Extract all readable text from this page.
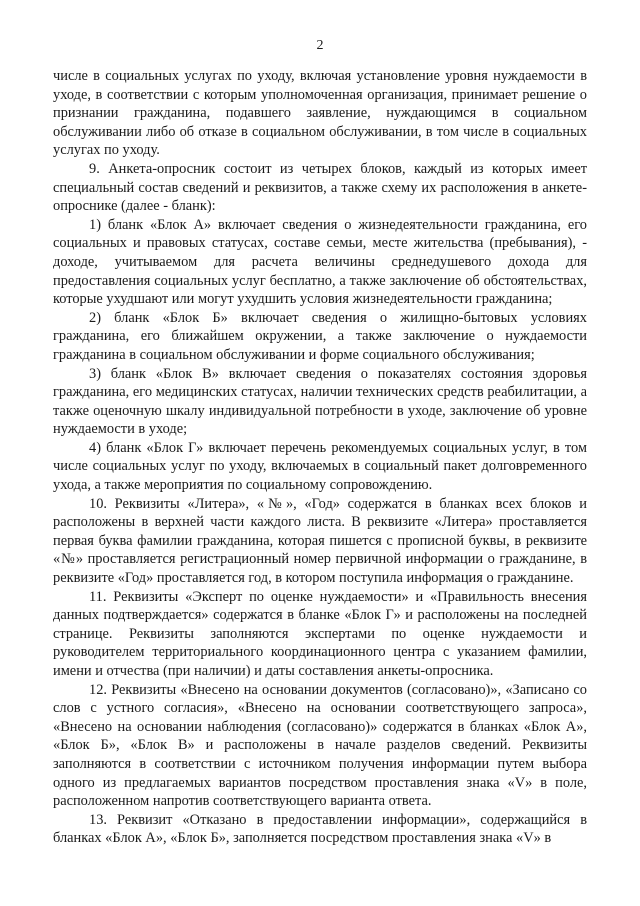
2

числе в социальных услугах по уходу, включая установление уровня нуждаемости в уходе, в соответствии с которым уполномоченная организация, принимает решение о признании гражданина, подавшего заявление, нуждающимся в социальном обслуживании либо об отказе в социальном обслуживании, в том числе в социальных услугах по уходу.

9. Анкета-опросник состоит из четырех блоков, каждый из которых имеет специальный состав сведений и реквизитов, а также схему их расположения в анкете-опроснике (далее - бланк):

1) бланк «Блок А» включает сведения о жизнедеятельности гражданина, его социальных и правовых статусах, составе семьи, месте жительства (пребывания), - доходе, учитываемом для расчета величины среднедушевого дохода для предоставления социальных услуг бесплатно, а также заключение об обстоятельствах, которые ухудшают или могут ухудшить условия жизнедеятельности гражданина;

2) бланк «Блок Б» включает сведения о жилищно-бытовых условиях гражданина, его ближайшем окружении, а также заключение о нуждаемости гражданина в социальном обслуживании и форме социального обслуживания;

3) бланк «Блок В» включает сведения о показателях состояния здоровья гражданина, его медицинских статусах, наличии технических средств реабилитации, а также оценочную шкалу индивидуальной потребности в уходе, заключение об уровне нуждаемости в уходе;

4) бланк «Блок Г» включает перечень рекомендуемых социальных услуг, в том числе социальных услуг по уходу, включаемых в социальный пакет долговременного ухода, а также мероприятия по социальному сопровождению.

10. Реквизиты «Литера», «№», «Год» содержатся в бланках всех блоков и расположены в верхней части каждого листа. В реквизите «Литера» проставляется первая буква фамилии гражданина, которая пишется с прописной буквы, в реквизите «№» проставляется регистрационный номер первичной информации о гражданине, в реквизите «Год» проставляется год, в котором поступила информация о гражданине.

11. Реквизиты «Эксперт по оценке нуждаемости» и «Правильность внесения данных подтверждается» содержатся в бланке «Блок Г» и расположены на последней странице. Реквизиты заполняются экспертами по оценке нуждаемости и руководителем территориального координационного центра с указанием фамилии, имени и отчества (при наличии) и даты составления анкеты-опросника.

12. Реквизиты «Внесено на основании документов (согласовано)», «Записано со слов с устного согласия», «Внесено на основании соответствующего запроса», «Внесено на основании наблюдения (согласовано)» содержатся в бланках «Блок А», «Блок Б», «Блок В» и расположены в начале разделов сведений. Реквизиты заполняются в соответствии с источником получения информации путем выбора одного из предлагаемых вариантов посредством проставления знака «V» в поле, расположенном напротив соответствующего варианта ответа.

13. Реквизит «Отказано в предоставлении информации», содержащийся в бланках «Блок А», «Блок Б», заполняется посредством проставления знака «V» в
